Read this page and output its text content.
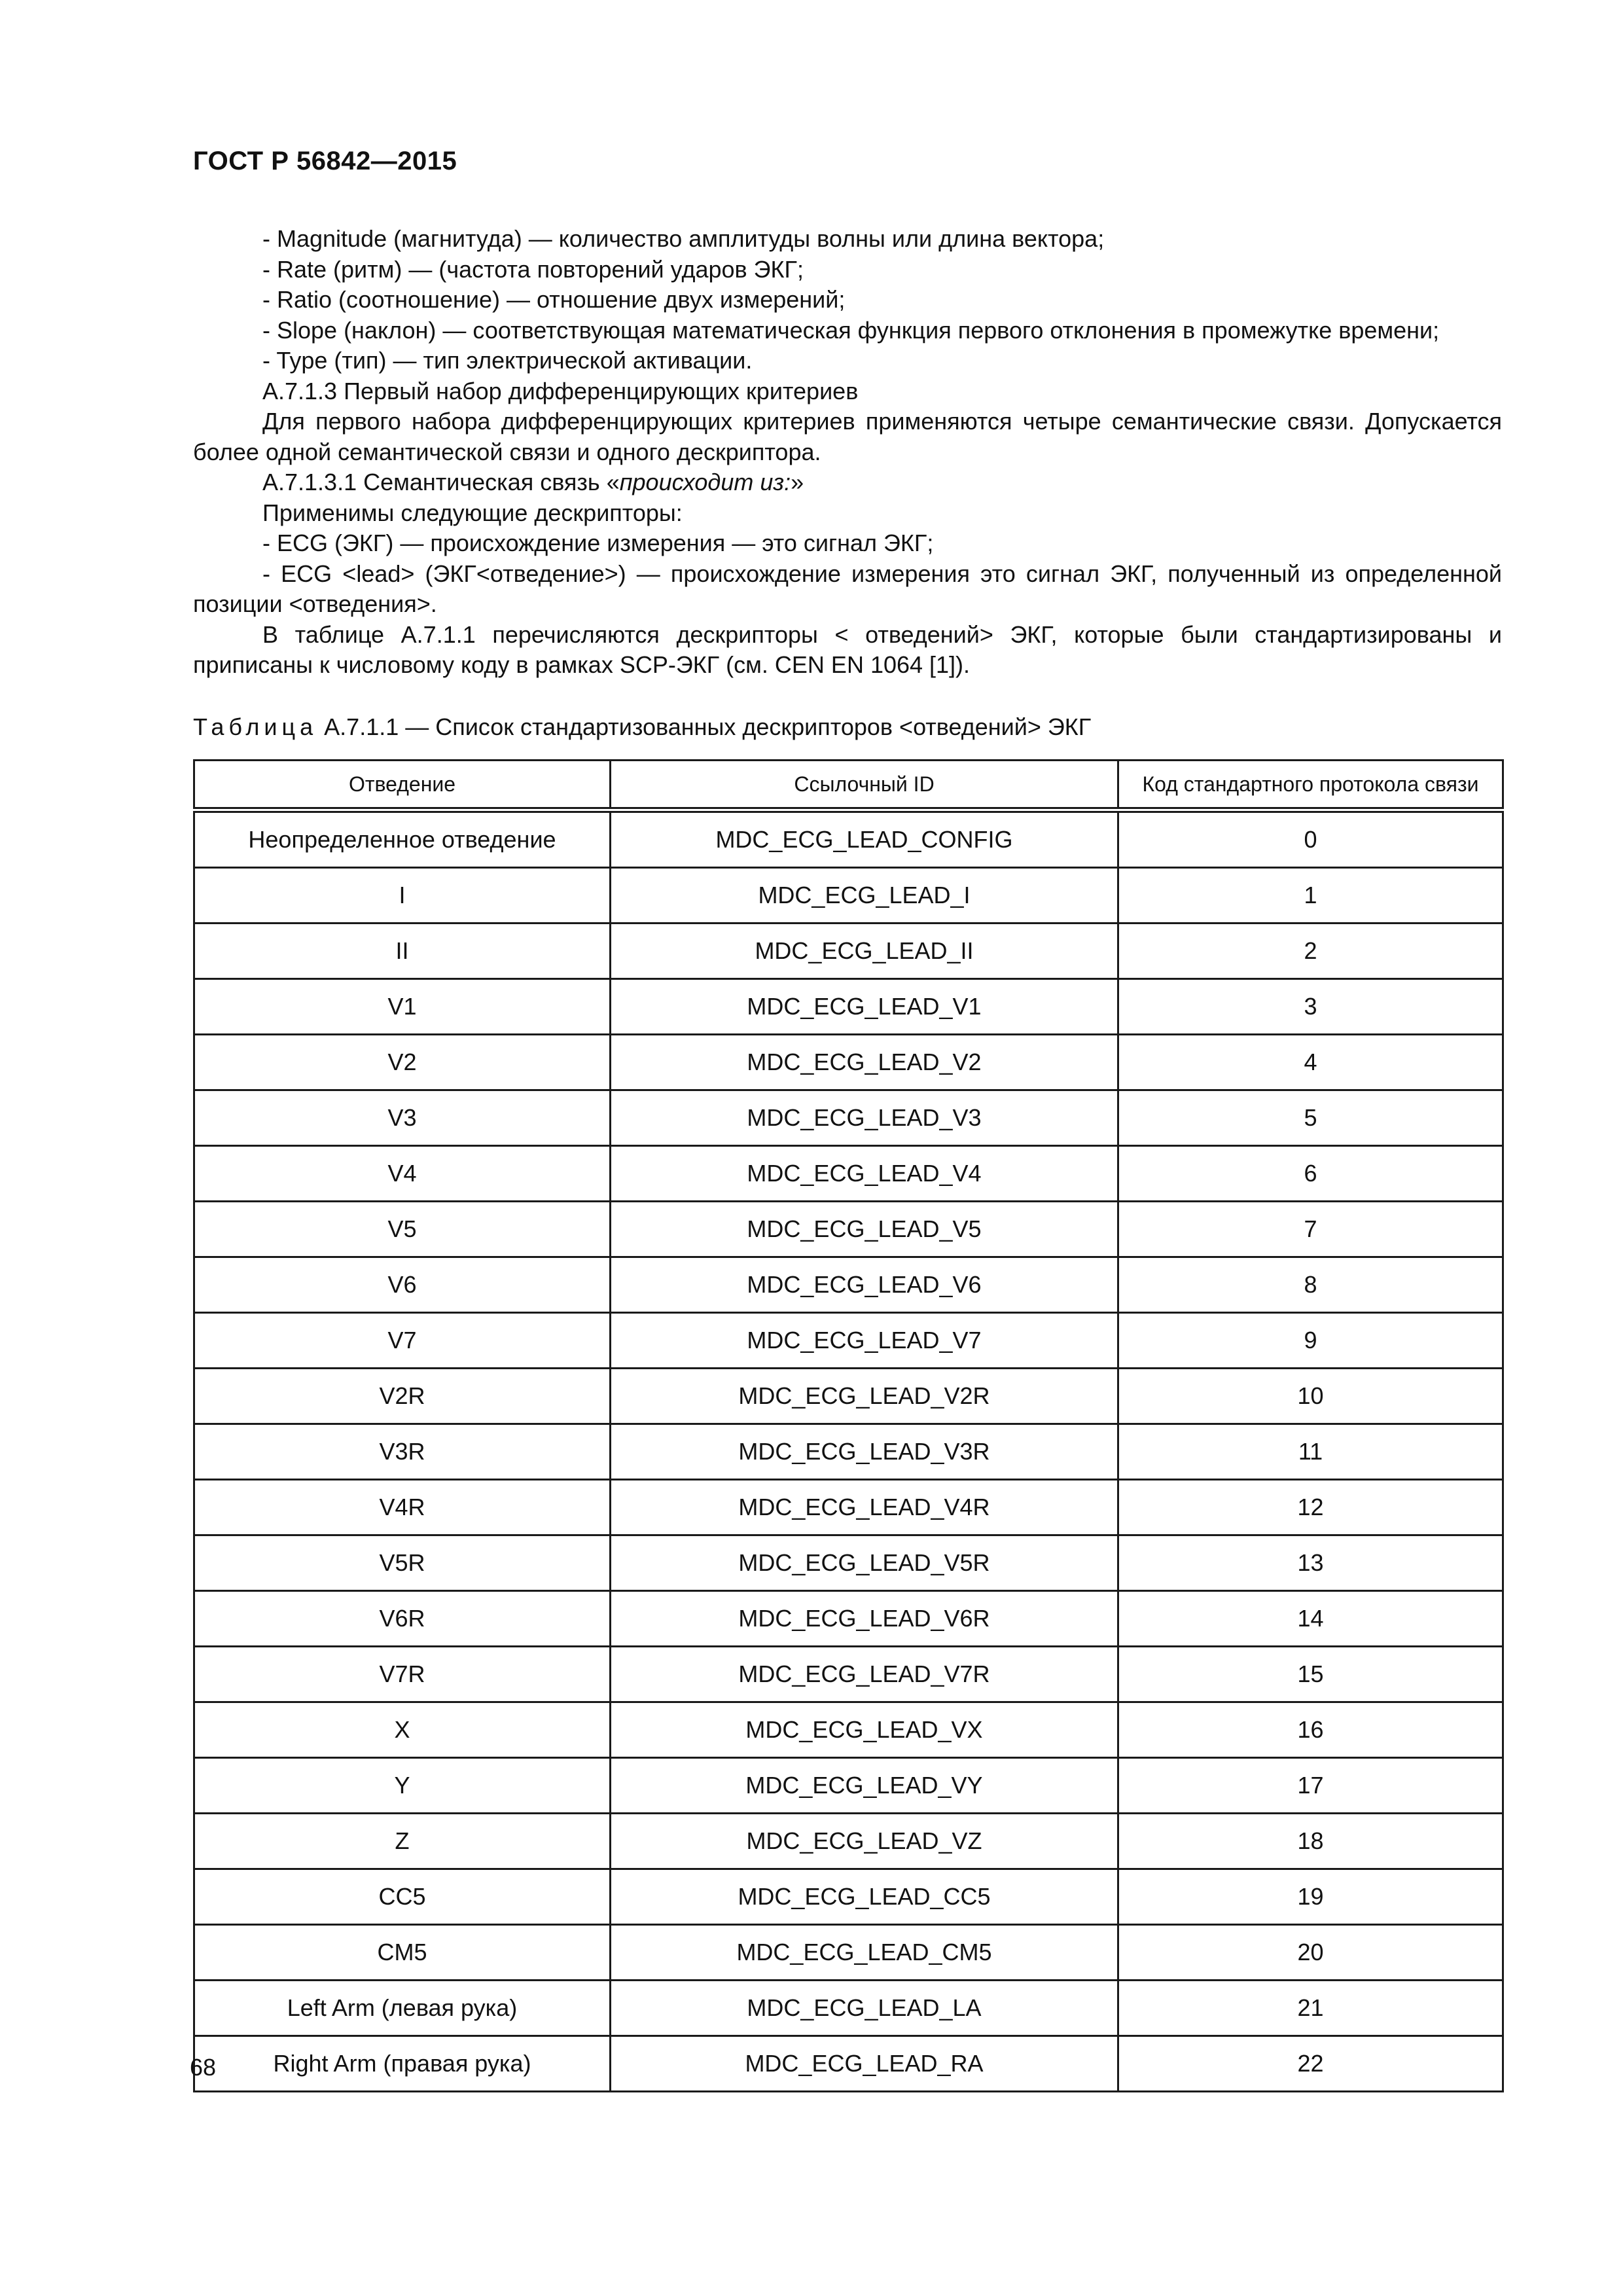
ГОСТ Р 56842—2015

- Magnitude (магнитуда) — количество амплитуды волны или длина вектора;

- Rate (ритм) — (частота повторений ударов ЭКГ;

- Ratio (соотношение) — отношение двух измерений;

- Slope (наклон) — соответствующая математическая функция первого отклонения в промежутке времени;

- Type (тип) — тип электрической активации.

А.7.1.3 Первый набор дифференцирующих критериев

Для первого набора дифференцирующих критериев применяются четыре семантические связи. Допускается более одной семантической связи и одного дескриптора.

А.7.1.3.1 Семантическая связь «происходит из:»

Применимы следующие дескрипторы:

- ECG (ЭКГ) — происхождение измерения — это сигнал ЭКГ;

- ECG <lead> (ЭКГ<отведение>) — происхождение измерения это сигнал ЭКГ, полученный из определенной позиции <отведения>.

В таблице А.7.1.1 перечисляются дескрипторы < отведений> ЭКГ, которые были стандартизированы и приписаны к числовому коду в рамках SCP-ЭКГ (см. CEN EN 1064 [1]).

Таблица А.7.1.1 — Список стандартизованных дескрипторов <отведений> ЭКГ
Отведение	Ссылочный ID	Код стандартного протокола связи
Неопределенное отведение	MDC_ECG_LEAD_CONFIG	0
I	MDC_ECG_LEAD_I	1
II	MDC_ECG_LEAD_II	2
V1	MDC_ECG_LEAD_V1	3
V2	MDC_ECG_LEAD_V2	4
V3	MDC_ECG_LEAD_V3	5
V4	MDC_ECG_LEAD_V4	6
V5	MDC_ECG_LEAD_V5	7
V6	MDC_ECG_LEAD_V6	8
V7	MDC_ECG_LEAD_V7	9
V2R	MDC_ECG_LEAD_V2R	10
V3R	MDC_ECG_LEAD_V3R	11
V4R	MDC_ECG_LEAD_V4R	12
V5R	MDC_ECG_LEAD_V5R	13
V6R	MDC_ECG_LEAD_V6R	14
V7R	MDC_ECG_LEAD_V7R	15
X	MDC_ECG_LEAD_VX	16
Y	MDC_ECG_LEAD_VY	17
Z	MDC_ECG_LEAD_VZ	18
CC5	MDC_ECG_LEAD_CC5	19
CM5	MDC_ECG_LEAD_CM5	20
Left Arm (левая рука)	MDC_ECG_LEAD_LA	21
Right Arm (правая рука)	MDC_ECG_LEAD_RA	22
68
